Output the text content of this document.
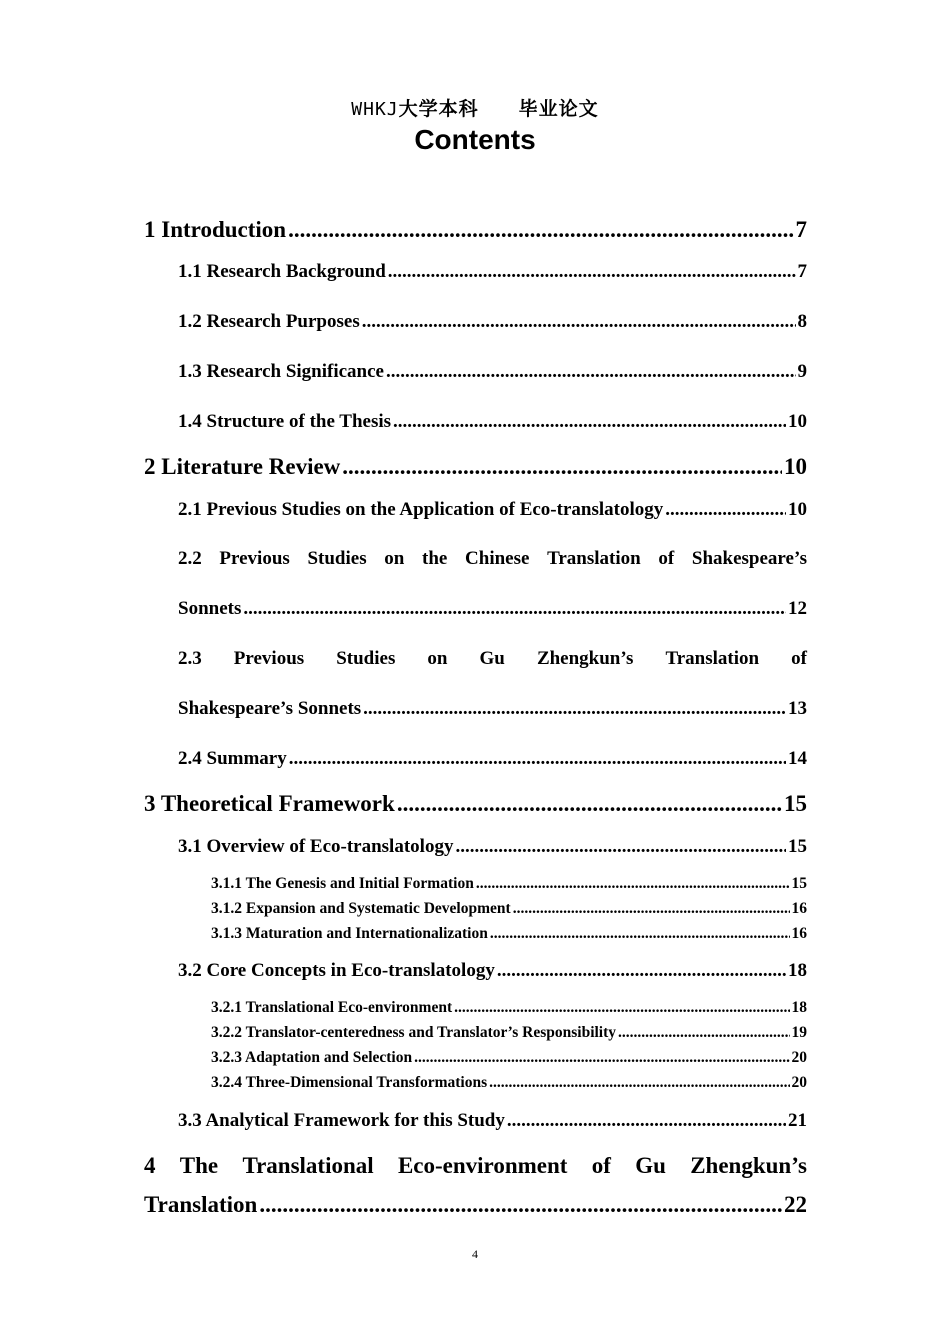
WHKJ大学本科 毕业论文
Contents
1 Introduction .....	7
1.1 Research Background .....	7
1.2 Research Purposes .....	8
1.3 Research Significance .....	9
1.4 Structure of the Thesis .....	10
2 Literature Review .....	10
2.1 Previous Studies on the Application of Eco-translatology .....	10
2.2 Previous Studies on the Chinese Translation of Shakespeare’s
Sonnets .....	12
2.3 Previous Studies on Gu Zhengkun’s Translation of
Shakespeare’s Sonnets .....	13
2.4 Summary .....	14
3 Theoretical Framework .....	15
3.1 Overview of Eco-translatology .....	15
3.1.1 The Genesis and Initial Formation .....	15
3.1.2 Expansion and Systematic Development .....	16
3.1.3 Maturation and Internationalization .....	16
3.2 Core Concepts in Eco-translatology .....	18
3.2.1 Translational Eco-environment .....	18
3.2.2 Translator-centeredness and Translator’s Responsibility .....	19
3.2.3 Adaptation and Selection .....	20
3.2.4 Three-Dimensional Transformations .....	20
3.3 Analytical Framework for this Study .....	21
4 The Translational Eco-environment of Gu Zhengkun’s
Translation .....	22
4
